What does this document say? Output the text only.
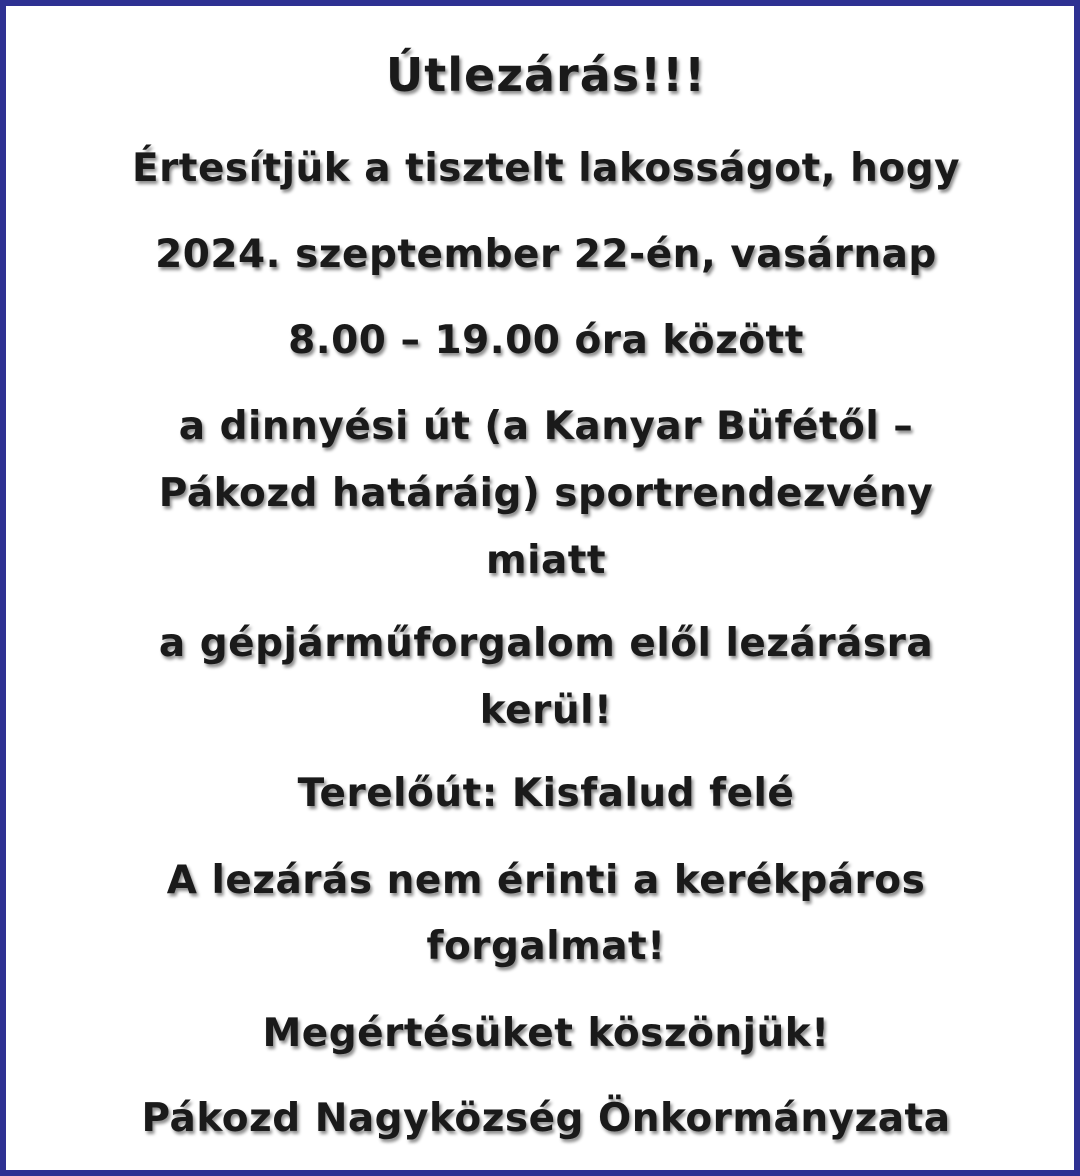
Útlezárás!!!
Értesítjük a tisztelt lakosságot, hogy
2024. szeptember 22-én, vasárnap
8.00 – 19.00 óra között
a dinnyési út (a Kanyar Büfétől –
Pákozd határáig) sportrendezvény
miatt
a gépjárműforgalom elől lezárásra
kerül!
Terelőút: Kisfalud felé
A lezárás nem érinti a kerékpáros
forgalmat!
Megértésüket köszönjük!
Pákozd Nagyközség Önkormányzata
